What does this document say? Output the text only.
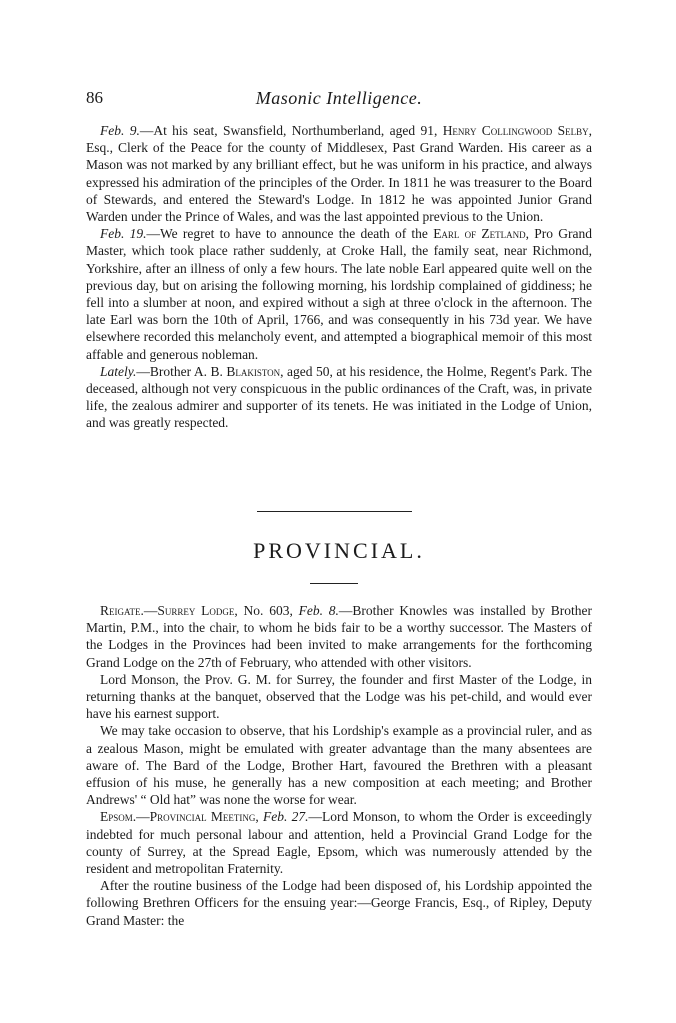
86	Masonic Intelligence.

Feb. 9.—At his seat, Swansfield, Northumberland, aged 91, Henry Collingwood Selby, Esq., Clerk of the Peace for the county of Middlesex, Past Grand Warden. His career as a Mason was not marked by any brilliant effect, but he was uniform in his practice, and always expressed his admiration of the principles of the Order. In 1811 he was treasurer to the Board of Stewards, and entered the Steward's Lodge. In 1812 he was appointed Junior Grand Warden under the Prince of Wales, and was the last appointed previous to the Union.

Feb. 19.—We regret to have to announce the death of the Earl of Zetland, Pro Grand Master, which took place rather suddenly, at Croke Hall, the family seat, near Richmond, Yorkshire, after an illness of only a few hours. The late noble Earl appeared quite well on the previous day, but on arising the following morning, his lordship complained of giddiness; he fell into a slumber at noon, and expired without a sigh at three o'clock in the afternoon. The late Earl was born the 10th of April, 1766, and was consequently in his 73d year. We have elsewhere recorded this melancholy event, and attempted a biographical memoir of this most affable and generous nobleman.

Lately.—Brother A. B. Blakiston, aged 50, at his residence, the Holme, Regent's Park. The deceased, although not very conspicuous in the public ordinances of the Craft, was, in private life, the zealous admirer and supporter of its tenets. He was initiated in the Lodge of Union, and was greatly respected.

PROVINCIAL.

Reigate.—Surrey Lodge, No. 603, Feb. 8.—Brother Knowles was installed by Brother Martin, P.M., into the chair, to whom he bids fair to be a worthy successor. The Masters of the Lodges in the Provinces had been invited to make arrangements for the forthcoming Grand Lodge on the 27th of February, who attended with other visitors.

Lord Monson, the Prov. G. M. for Surrey, the founder and first Master of the Lodge, in returning thanks at the banquet, observed that the Lodge was his pet-child, and would ever have his earnest support.

We may take occasion to observe, that his Lordship's example as a provincial ruler, and as a zealous Mason, might be emulated with greater advantage than the many absentees are aware of. The Bard of the Lodge, Brother Hart, favoured the Brethren with a pleasant effusion of his muse, he generally has a new composition at each meeting; and Brother Andrews' “ Old hat” was none the worse for wear.

Epsom.—Provincial Meeting, Feb. 27.—Lord Monson, to whom the Order is exceedingly indebted for much personal labour and attention, held a Provincial Grand Lodge for the county of Surrey, at the Spread Eagle, Epsom, which was numerously attended by the resident and metropolitan Fraternity.

After the routine business of the Lodge had been disposed of, his Lordship appointed the following Brethren Officers for the ensuing year:—George Francis, Esq., of Ripley, Deputy Grand Master: the
